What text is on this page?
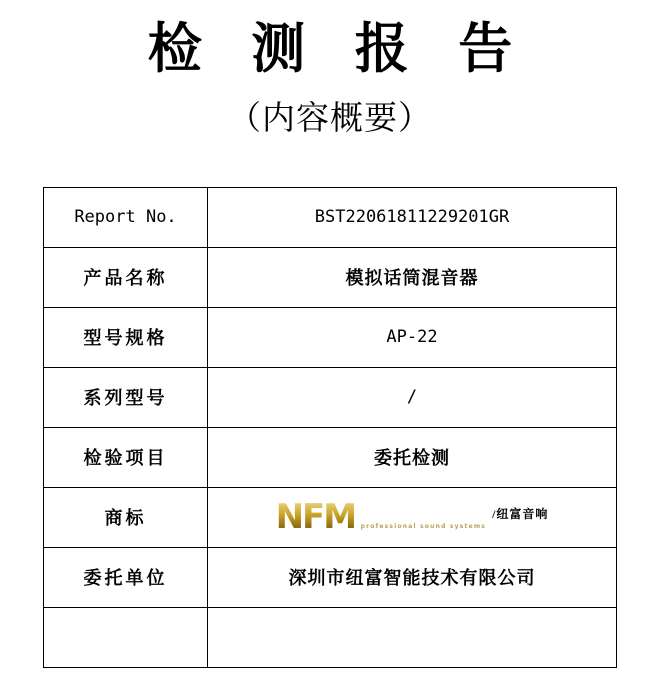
检 测 报 告
（内容概要）
Report No.	BST22061811229201GR
产品名称	模拟话筒混音器
型号规格	AP-22
系列型号	/
检验项目	委托检测
商标	NFM professional sound systems
/纽富音响

委托单位	深圳市纽富智能技术有限公司
